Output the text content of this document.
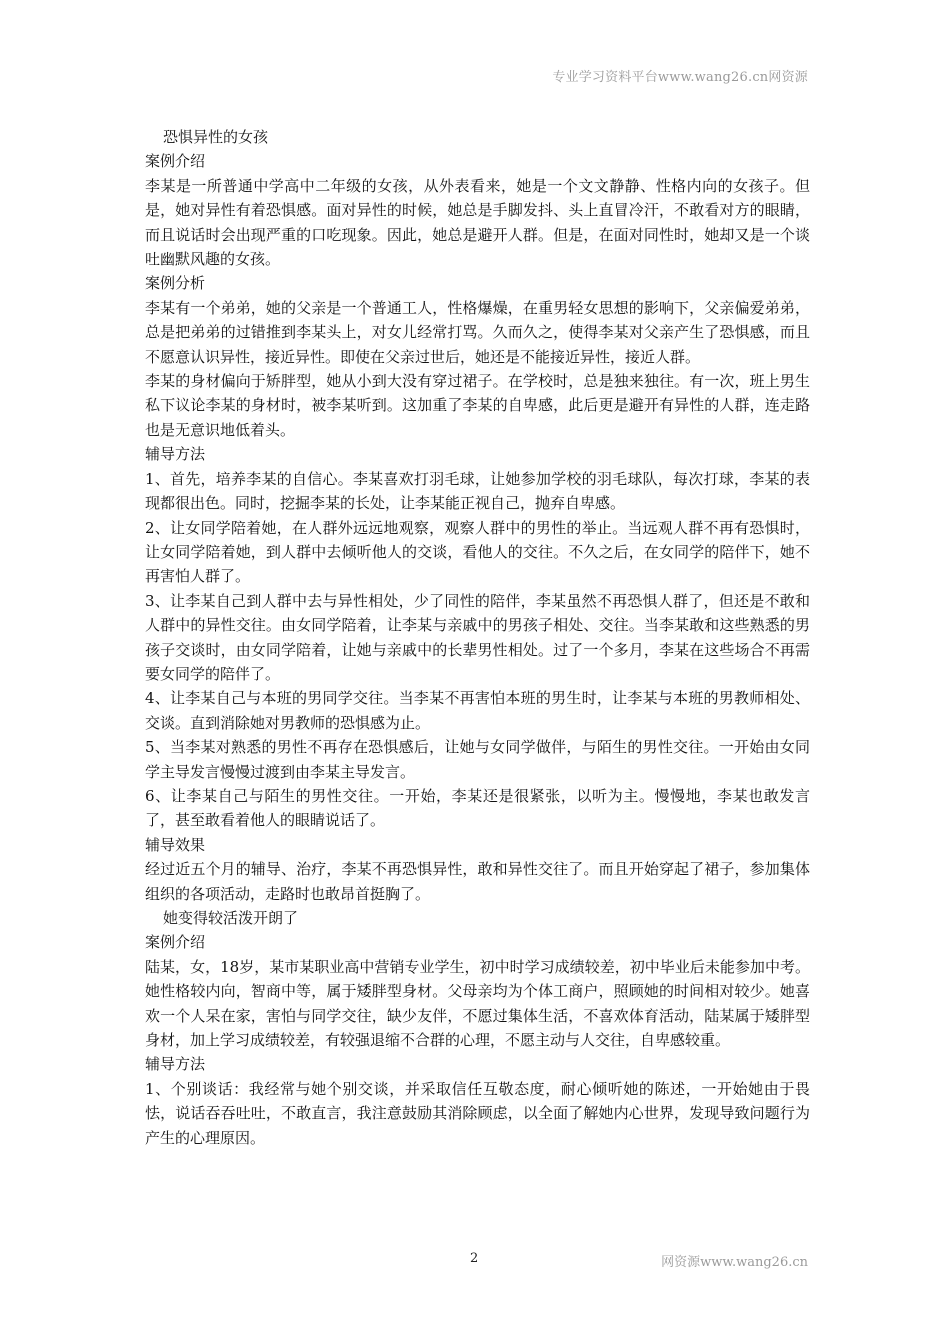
专业学习资料平台www.wang26.cn网资源

恐惧异性的女孩

案例介绍

李某是一所普通中学高中二年级的女孩，从外表看来，她是一个文文静静、性格内向的女孩子。但是，她对异性有着恐惧感。面对异性的时候，她总是手脚发抖、头上直冒冷汗，不敢看对方的眼睛，而且说话时会出现严重的口吃现象。因此，她总是避开人群。但是，在面对同性时，她却又是一个谈吐幽默风趣的女孩。

案例分析

李某有一个弟弟，她的父亲是一个普通工人，性格爆燥，在重男轻女思想的影响下，父亲偏爱弟弟，总是把弟弟的过错推到李某头上，对女儿经常打骂。久而久之，使得李某对父亲产生了恐惧感，而且不愿意认识异性，接近异性。即使在父亲过世后，她还是不能接近异性，接近人群。

李某的身材偏向于矫胖型，她从小到大没有穿过裙子。在学校时，总是独来独往。有一次，班上男生私下议论李某的身材时，被李某听到。这加重了李某的自卑感，此后更是避开有异性的人群，连走路也是无意识地低着头。

辅导方法

1、首先，培养李某的自信心。李某喜欢打羽毛球，让她参加学校的羽毛球队，每次打球，李某的表现都很出色。同时，挖掘李某的长处，让李某能正视自己，抛弃自卑感。

2、让女同学陪着她，在人群外远远地观察，观察人群中的男性的举止。当远观人群不再有恐惧时，让女同学陪着她，到人群中去倾听他人的交谈，看他人的交往。不久之后，在女同学的陪伴下，她不再害怕人群了。

3、让李某自己到人群中去与异性相处，少了同性的陪伴，李某虽然不再恐惧人群了，但还是不敢和人群中的异性交往。由女同学陪着，让李某与亲戚中的男孩子相处、交往。当李某敢和这些熟悉的男孩子交谈时，由女同学陪着，让她与亲戚中的长辈男性相处。过了一个多月，李某在这些场合不再需要女同学的陪伴了。

4、让李某自己与本班的男同学交往。当李某不再害怕本班的男生时，让李某与本班的男教师相处、交谈。直到消除她对男教师的恐惧感为止。

5、当李某对熟悉的男性不再存在恐惧感后，让她与女同学做伴，与陌生的男性交往。一开始由女同学主导发言慢慢过渡到由李某主导发言。

6、让李某自己与陌生的男性交往。一开始，李某还是很紧张，以听为主。慢慢地，李某也敢发言了，甚至敢看着他人的眼睛说话了。

辅导效果

经过近五个月的辅导、治疗，李某不再恐惧异性，敢和异性交往了。而且开始穿起了裙子，参加集体组织的各项活动，走路时也敢昂首挺胸了。

她变得较活泼开朗了

案例介绍

陆某，女，18岁，某市某职业高中营销专业学生，初中时学习成绩较差，初中毕业后未能参加中考。她性格较内向，智商中等，属于矮胖型身材。父母亲均为个体工商户，照顾她的时间相对较少。她喜欢一个人呆在家，害怕与同学交往，缺少友伴，不愿过集体生活，不喜欢体育活动，陆某属于矮胖型身材，加上学习成绩较差，有较强退缩不合群的心理，不愿主动与人交往，自卑感较重。

辅导方法

1、个别谈话：我经常与她个别交谈，并采取信任互敬态度，耐心倾听她的陈述，一开始她由于畏怯，说话吞吞吐吐，不敢直言，我注意鼓励其消除顾虑，以全面了解她内心世界，发现导致问题行为产生的心理原因。

2	网资源www.wang26.cn
